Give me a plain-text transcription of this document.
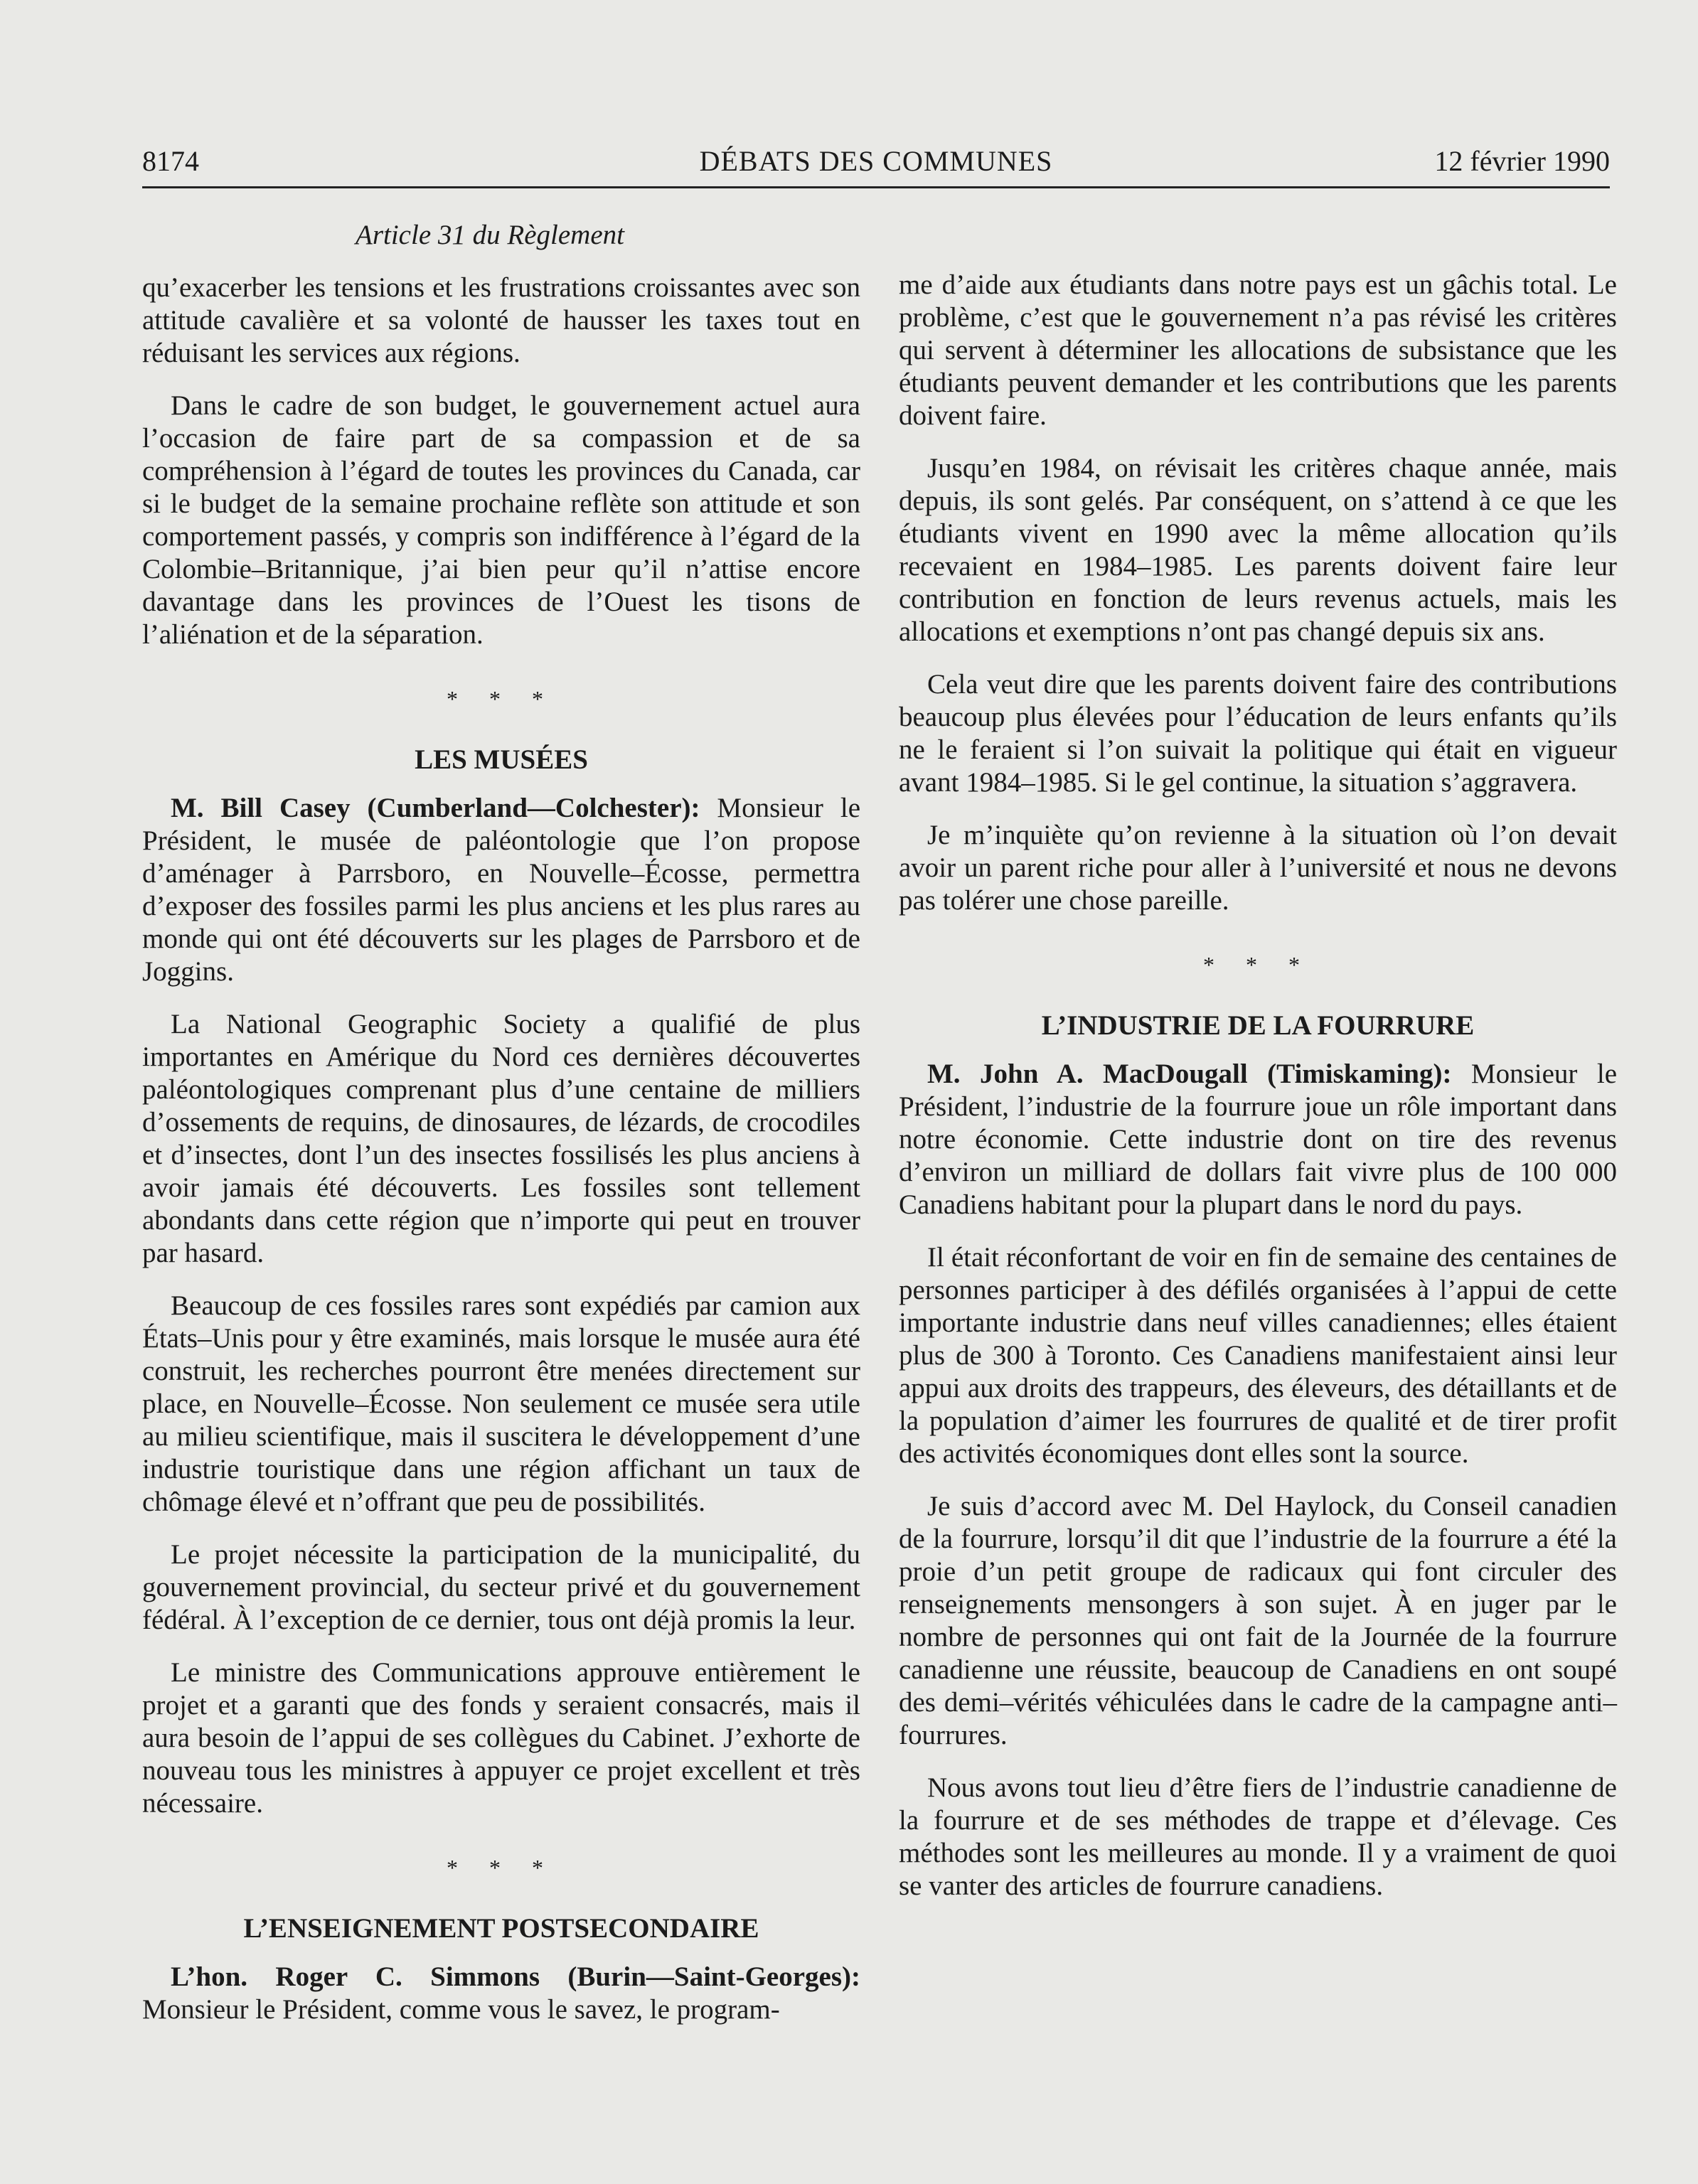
8174	DÉBATS DES COMMUNES	12 février 1990
Article 31 du Règlement

qu’exacerber les tensions et les frustrations croissantes avec son attitude cavalière et sa volonté de hausser les taxes tout en réduisant les services aux régions.

Dans le cadre de son budget, le gouvernement actuel aura l’occasion de faire part de sa compassion et de sa compréhension à l’égard de toutes les provinces du Canada, car si le budget de la semaine prochaine reflète son attitude et son comportement passés, y compris son indifférence à l’égard de la Colombie–Britannique, j’ai bien peur qu’il n’attise encore davantage dans les provinces de l’Ouest les tisons de l’aliénation et de la séparation.

* * *
LES MUSÉES

M. Bill Casey (Cumberland—Colchester): Monsieur le Président, le musée de paléontologie que l’on propose d’aménager à Parrsboro, en Nouvelle–Écosse, permettra d’exposer des fossiles parmi les plus anciens et les plus rares au monde qui ont été découverts sur les plages de Parrsboro et de Joggins.

La National Geographic Society a qualifié de plus importantes en Amérique du Nord ces dernières découvertes paléontologiques comprenant plus d’une centaine de milliers d’ossements de requins, de dinosaures, de lézards, de crocodiles et d’insectes, dont l’un des insectes fossilisés les plus anciens à avoir jamais été découverts. Les fossiles sont tellement abondants dans cette région que n’importe qui peut en trouver par hasard.

Beaucoup de ces fossiles rares sont expédiés par camion aux États–Unis pour y être examinés, mais lorsque le musée aura été construit, les recherches pourront être menées directement sur place, en Nouvelle–Écosse. Non seulement ce musée sera utile au milieu scientifique, mais il suscitera le développement d’une industrie touristique dans une région affichant un taux de chômage élevé et n’offrant que peu de possibilités.

Le projet nécessite la participation de la municipalité, du gouvernement provincial, du secteur privé et du gouvernement fédéral. À l’exception de ce dernier, tous ont déjà promis la leur.

Le ministre des Communications approuve entièrement le projet et a garanti que des fonds y seraient consacrés, mais il aura besoin de l’appui de ses collègues du Cabinet. J’exhorte de nouveau tous les ministres à appuyer ce projet excellent et très nécessaire.

* * *
L’ENSEIGNEMENT POSTSECONDAIRE

L’hon. Roger C. Simmons (Burin—Saint-Georges): Monsieur le Président, comme vous le savez, le program-

me d’aide aux étudiants dans notre pays est un gâchis total. Le problème, c’est que le gouvernement n’a pas révisé les critères qui servent à déterminer les allocations de subsistance que les étudiants peuvent demander et les contributions que les parents doivent faire.

Jusqu’en 1984, on révisait les critères chaque année, mais depuis, ils sont gelés. Par conséquent, on s’attend à ce que les étudiants vivent en 1990 avec la même allocation qu’ils recevaient en 1984–1985. Les parents doivent faire leur contribution en fonction de leurs revenus actuels, mais les allocations et exemptions n’ont pas changé depuis six ans.

Cela veut dire que les parents doivent faire des contributions beaucoup plus élevées pour l’éducation de leurs enfants qu’ils ne le feraient si l’on suivait la politique qui était en vigueur avant 1984–1985. Si le gel continue, la situation s’aggravera.

Je m’inquiète qu’on revienne à la situation où l’on devait avoir un parent riche pour aller à l’université et nous ne devons pas tolérer une chose pareille.

* * *
L’INDUSTRIE DE LA FOURRURE

M. John A. MacDougall (Timiskaming): Monsieur le Président, l’industrie de la fourrure joue un rôle important dans notre économie. Cette industrie dont on tire des revenus d’environ un milliard de dollars fait vivre plus de 100 000 Canadiens habitant pour la plupart dans le nord du pays.

Il était réconfortant de voir en fin de semaine des centaines de personnes participer à des défilés organisées à l’appui de cette importante industrie dans neuf villes canadiennes; elles étaient plus de 300 à Toronto. Ces Canadiens manifestaient ainsi leur appui aux droits des trappeurs, des éleveurs, des détaillants et de la population d’aimer les fourrures de qualité et de tirer profit des activités économiques dont elles sont la source.

Je suis d’accord avec M. Del Haylock, du Conseil canadien de la fourrure, lorsqu’il dit que l’industrie de la fourrure a été la proie d’un petit groupe de radicaux qui font circuler des renseignements mensongers à son sujet. À en juger par le nombre de personnes qui ont fait de la Journée de la fourrure canadienne une réussite, beaucoup de Canadiens en ont soupé des demi–vérités véhiculées dans le cadre de la campagne anti–fourrures.

Nous avons tout lieu d’être fiers de l’industrie canadienne de la fourrure et de ses méthodes de trappe et d’élevage. Ces méthodes sont les meilleures au monde. Il y a vraiment de quoi se vanter des articles de fourrure canadiens.
